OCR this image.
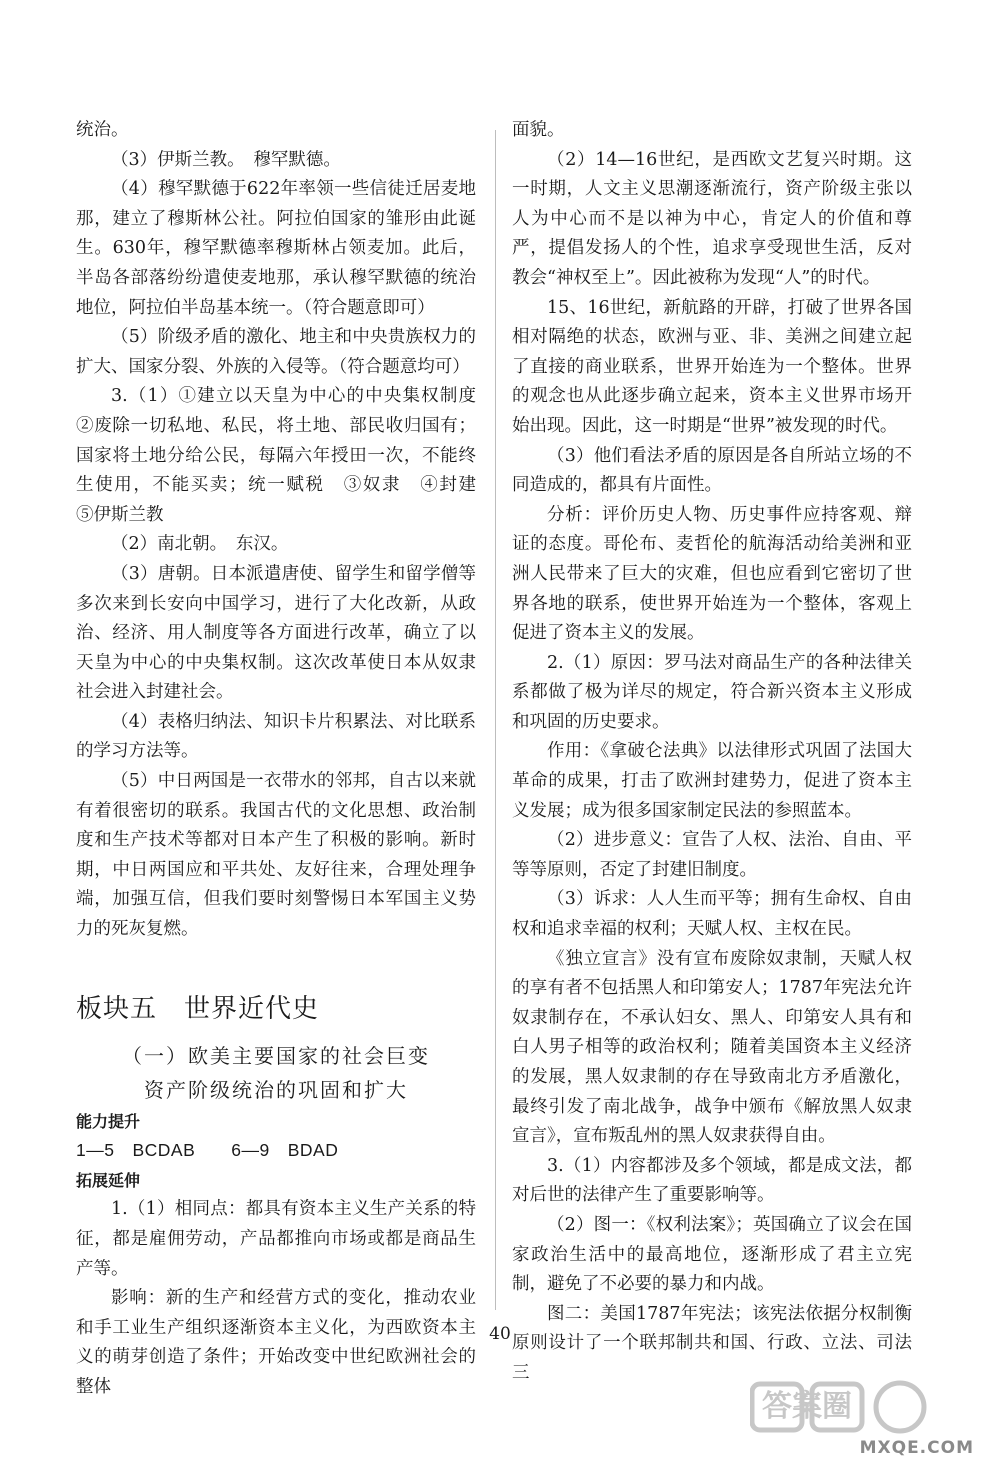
统治。

（3）伊斯兰教。　穆罕默德。

（4）穆罕默德于622年率领一些信徒迁居麦地那，建立了穆斯林公社。阿拉伯国家的雏形由此诞生。630年，穆罕默德率穆斯林占领麦加。此后，半岛各部落纷纷遣使麦地那，承认穆罕默德的统治地位，阿拉伯半岛基本统一。（符合题意即可）

（5）阶级矛盾的激化、地主和中央贵族权力的扩大、国家分裂、外族的入侵等。（符合题意均可）

3.（1）①建立以天皇为中心的中央集权制度　②废除一切私地、私民，将土地、部民收归国有；国家将土地分给公民，每隔六年授田一次，不能终生使用，不能买卖；统一赋税　③奴隶　④封建　⑤伊斯兰教

（2）南北朝。　东汉。

（3）唐朝。日本派遣唐使、留学生和留学僧等多次来到长安向中国学习，进行了大化改新，从政治、经济、用人制度等各方面进行改革，确立了以天皇为中心的中央集权制。这次改革使日本从奴隶社会进入封建社会。

（4）表格归纳法、知识卡片积累法、对比联系的学习方法等。

（5）中日两国是一衣带水的邻邦，自古以来就有着很密切的联系。我国古代的文化思想、政治制度和生产技术等都对日本产生了积极的影响。新时期，中日两国应和平共处、友好往来，合理处理争端，加强互信，但我们要时刻警惕日本军国主义势力的死灰复燃。

板块五　世界近代史

（一）欧美主要国家的社会巨变

资产阶级统治的巩固和扩大

能力提升

1—5　BCDAB　　6—9　BDAD

拓展延伸

1.（1）相同点：都具有资本主义生产关系的特征，都是雇佣劳动，产品都推向市场或都是商品生产等。

影响：新的生产和经营方式的变化，推动农业和手工业生产组织逐渐资本主义化，为西欧资本主义的萌芽创造了条件；开始改变中世纪欧洲社会的整体

面貌。

（2）14—16世纪，是西欧文艺复兴时期。这一时期，人文主义思潮逐渐流行，资产阶级主张以人为中心而不是以神为中心，肯定人的价值和尊严，提倡发扬人的个性，追求享受现世生活，反对教会“神权至上”。因此被称为发现“人”的时代。

15、16世纪，新航路的开辟，打破了世界各国相对隔绝的状态，欧洲与亚、非、美洲之间建立起了直接的商业联系，世界开始连为一个整体。世界的观念也从此逐步确立起来，资本主义世界市场开始出现。因此，这一时期是“世界”被发现的时代。

（3）他们看法矛盾的原因是各自所站立场的不同造成的，都具有片面性。

分析：评价历史人物、历史事件应持客观、辩证的态度。哥伦布、麦哲伦的航海活动给美洲和亚洲人民带来了巨大的灾难，但也应看到它密切了世界各地的联系，使世界开始连为一个整体，客观上促进了资本主义的发展。

2.（1）原因：罗马法对商品生产的各种法律关系都做了极为详尽的规定，符合新兴资本主义形成和巩固的历史要求。

作用：《拿破仑法典》以法律形式巩固了法国大革命的成果，打击了欧洲封建势力，促进了资本主义发展；成为很多国家制定民法的参照蓝本。

（2）进步意义：宣告了人权、法治、自由、平等等原则，否定了封建旧制度。

（3）诉求：人人生而平等；拥有生命权、自由权和追求幸福的权利；天赋人权、主权在民。

《独立宣言》没有宣布废除奴隶制，天赋人权的享有者不包括黑人和印第安人；1787年宪法允许奴隶制存在，不承认妇女、黑人、印第安人具有和白人男子相等的政治权利；随着美国资本主义经济的发展，黑人奴隶制的存在导致南北方矛盾激化，最终引发了南北战争，战争中颁布《解放黑人奴隶宣言》，宣布叛乱州的黑人奴隶获得自由。

3.（1）内容都涉及多个领域，都是成文法，都对后世的法律产生了重要影响等。

（2）图一：《权利法案》；英国确立了议会在国家政治生活中的最高地位，逐渐形成了君主立宪制，避免了不必要的暴力和内战。

图二：美国1787年宪法；该宪法依据分权制衡原则设计了一个联邦制共和国、行政、立法、司法三

40
答案圈
MXQE.COM
